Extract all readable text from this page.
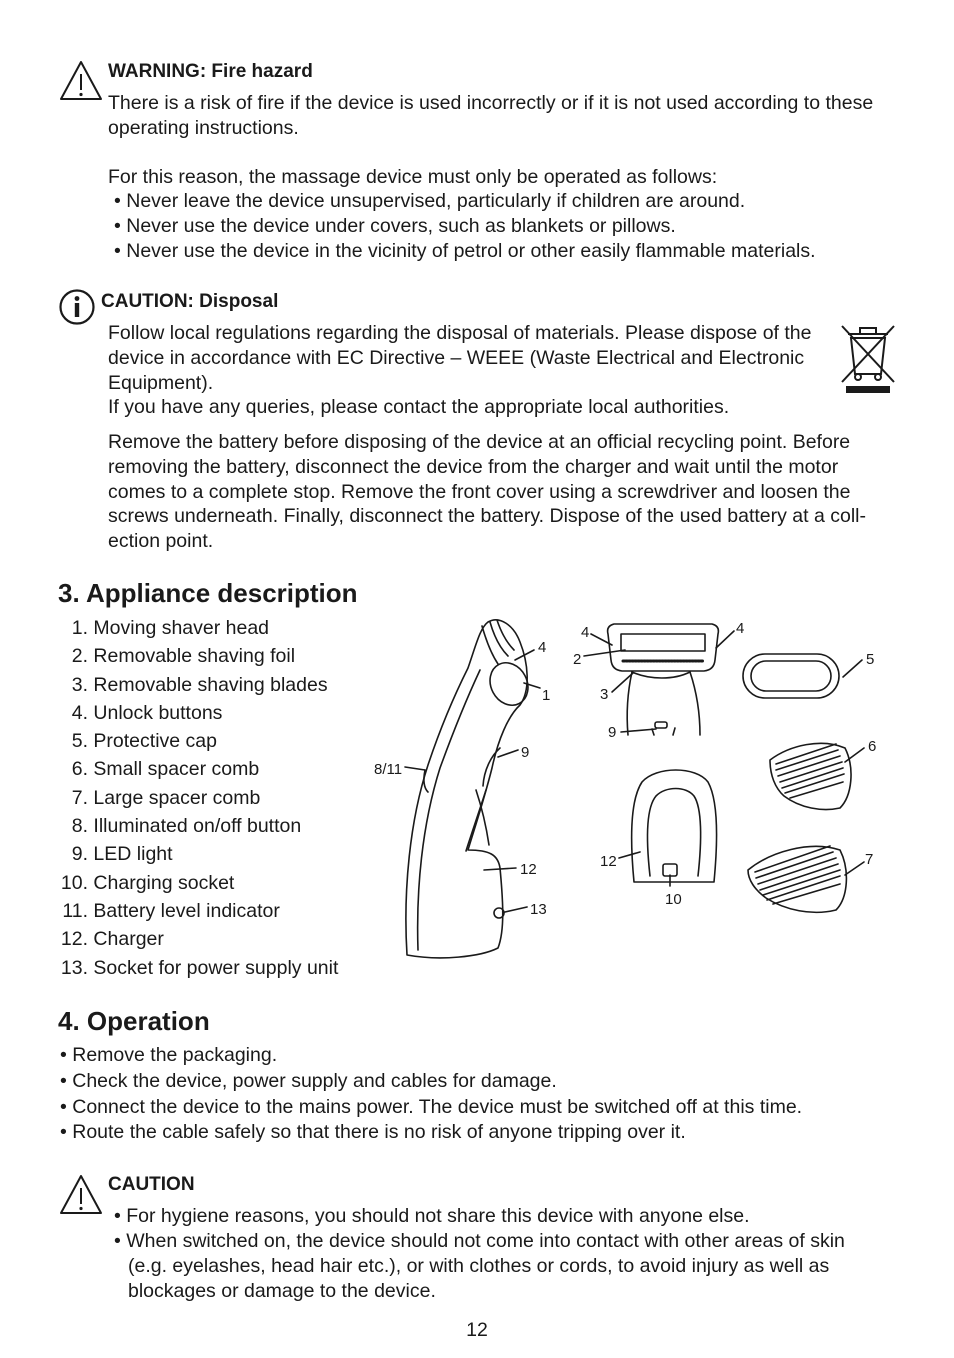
WARNING: Fire hazard
There is a risk of fire if the device is used incorrectly or if it is not used according to these
operating instructions.
For this reason, the massage device must only be operated as follows:
• Never leave the device unsupervised, particularly if children are around.
• Never use the device under covers, such as blankets or pillows.
• Never use the device in the vicinity of petrol or other easily flammable materials.
CAUTION: Disposal
Follow local regulations regarding the disposal of materials. Please dispose of the
device in accordance with EC Directive – WEEE (Waste Electrical and Electronic
Equipment).
If you have any queries, please contact the appropriate local authorities.
Remove the battery before disposing of the device at an official recycling point. Before
removing the battery, disconnect the device from the charger and wait until the motor
comes to a complete stop. Remove the front cover using a screwdriver and loosen the
screws underneath. Finally, disconnect the battery. Dispose of the used battery at a coll-
ection point.
3. Appliance description
1. Moving shaver head
2. Removable shaving foil
3. Removable shaving blades
4. Unlock buttons
5. Protective cap
6. Small spacer comb
7. Large spacer comb
8. Illuminated on/off button
9. LED light
10. Charging socket
11. Battery level indicator
12. Charger
13. Socket for power supply unit
4
1
9
8/11
12
13
4	4
2
3
9
5
6
7
12
10
4. Operation
• Remove the packaging.
• Check the device, power supply and cables for damage.
• Connect the device to the mains power. The device must be switched off at this time.
• Route the cable safely so that there is no risk of anyone tripping over it.
CAUTION
• For hygiene reasons, you should not share this device with anyone else.
• When switched on, the device should not come into contact with other areas of skin
(e.g. eyelashes, head hair etc.), or with clothes or cords, to avoid injury as well as
blockages or damage to the device.
12
